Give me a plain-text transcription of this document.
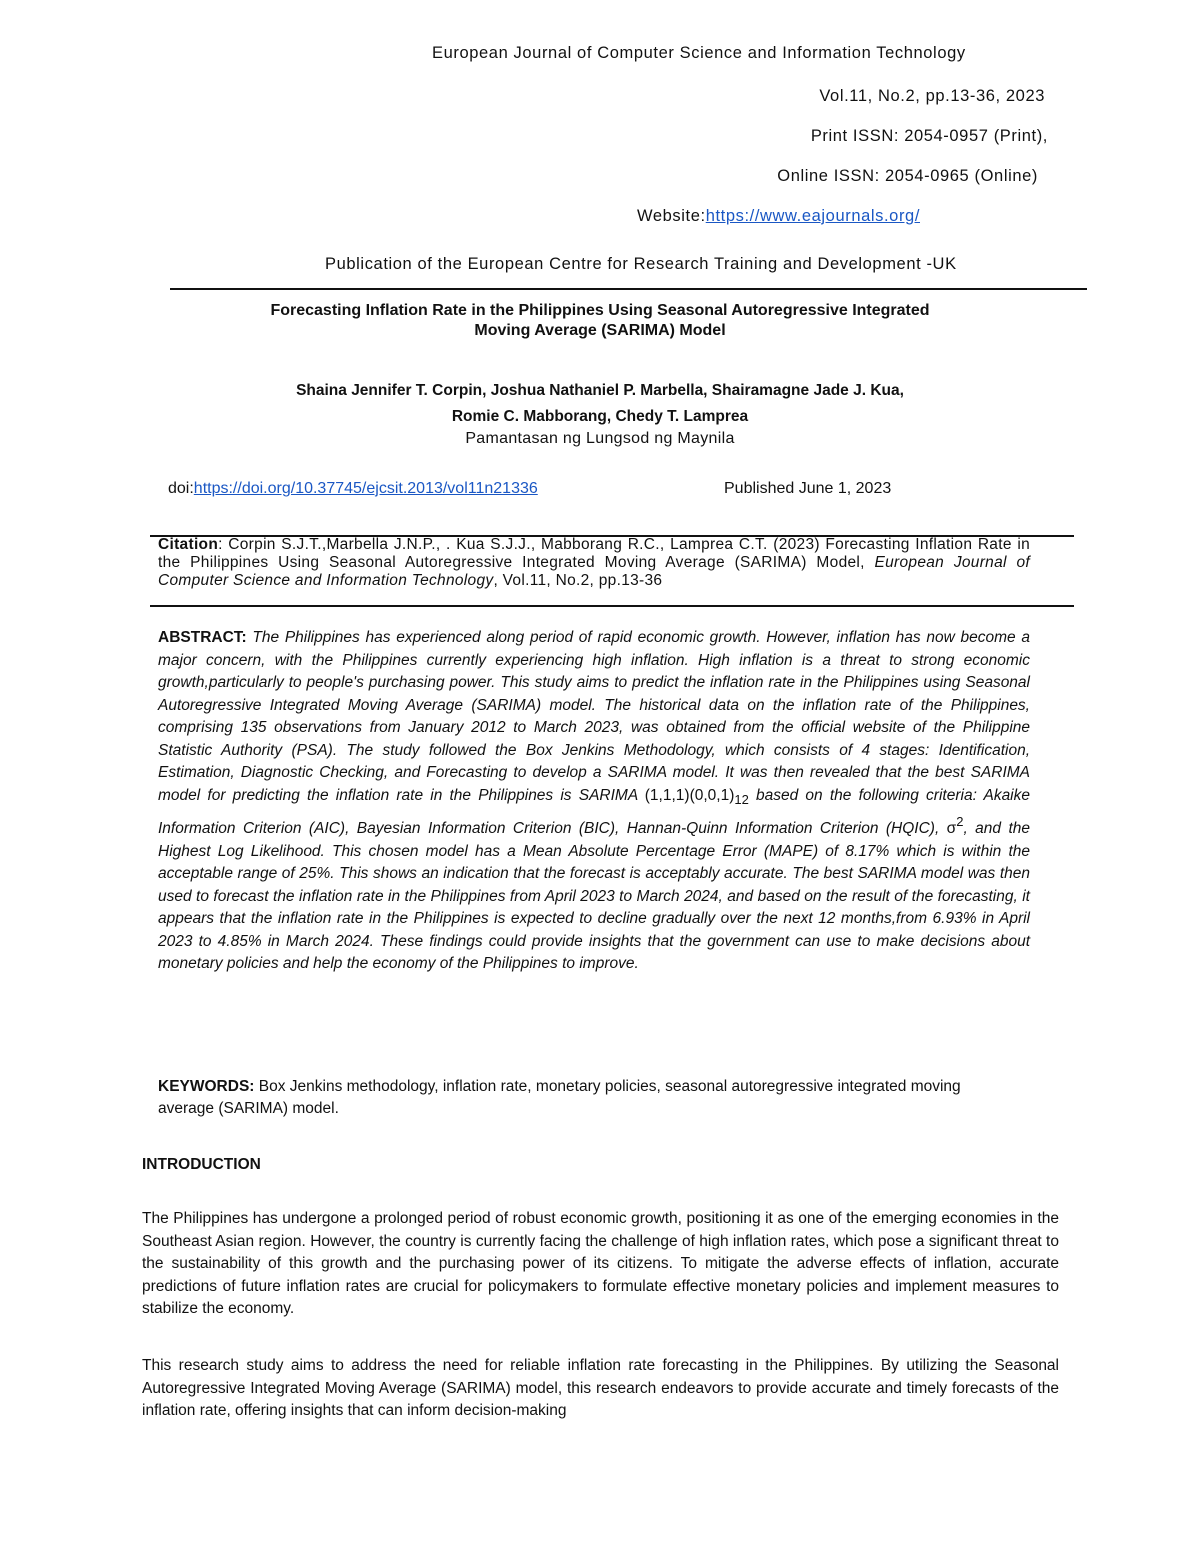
European Journal of Computer Science and Information Technology
Vol.11, No.2, pp.13-36, 2023
Print ISSN: 2054-0957 (Print),
Online ISSN: 2054-0965 (Online)
Website:https://www.eajournals.org/
Publication of the European Centre for Research Training and Development -UK
Forecasting Inflation Rate in the Philippines Using Seasonal Autoregressive Integrated
Moving Average (SARIMA) Model
Shaina Jennifer T. Corpin, Joshua Nathaniel P. Marbella, Shairamagne Jade J. Kua,
Romie C. Mabborang, Chedy T. Lamprea
Pamantasan ng Lungsod ng Maynila
doi:https://doi.org/10.37745/ejcsit.2013/vol11n21336	Published June 1, 2023
Citation: Corpin S.J.T.,Marbella J.N.P., . Kua S.J.J., Mabborang R.C., Lamprea C.T. (2023) Forecasting Inflation Rate in the Philippines Using Seasonal Autoregressive Integrated Moving Average (SARIMA) Model, European Journal of Computer Science and Information Technology, Vol.11, No.2, pp.13-36
ABSTRACT: The Philippines has experienced along period of rapid economic growth. However, inflation has now become a major concern, with the Philippines currently experiencing high inflation. High inflation is a threat to strong economic growth,particularly to people's purchasing power. This study aims to predict the inflation rate in the Philippines using Seasonal Autoregressive Integrated Moving Average (SARIMA) model. The historical data on the inflation rate of the Philippines, comprising 135 observations from January 2012 to March 2023, was obtained from the official website of the Philippine Statistic Authority (PSA). The study followed the Box Jenkins Methodology, which consists of 4 stages: Identification, Estimation, Diagnostic Checking, and Forecasting to develop a SARIMA model. It was then revealed that the best SARIMA model for predicting the inflation rate in the Philippines is SARIMA $(1,1,1)(0,0,1)_{12}$ based on the following criteria: Akaike Information Criterion (AIC), Bayesian Information Criterion (BIC), Hannan-Quinn Information Criterion (HQIC), $\sigma^2$, and the Highest Log Likelihood. This chosen model has a Mean Absolute Percentage Error (MAPE) of 8.17% which is within the acceptable range of 25%. This shows an indication that the forecast is acceptably accurate. The best SARIMA model was then used to forecast the inflation rate in the Philippines from April 2023 to March 2024, and based on the result of the forecasting, it appears that the inflation rate in the Philippines is expected to decline gradually over the next 12 months,from 6.93% in April 2023 to 4.85% in March 2024. These findings could provide insights that the government can use to make decisions about monetary policies and help the economy of the Philippines to improve.
KEYWORDS: Box Jenkins methodology, inflation rate, monetary policies, seasonal autoregressive integrated moving average (SARIMA) model.
INTRODUCTION
The Philippines has undergone a prolonged period of robust economic growth, positioning it as one of the emerging economies in the Southeast Asian region. However, the country is currently facing the challenge of high inflation rates, which pose a significant threat to the sustainability of this growth and the purchasing power of its citizens. To mitigate the adverse effects of inflation, accurate predictions of future inflation rates are crucial for policymakers to formulate effective monetary policies and implement measures to stabilize the economy.
This research study aims to address the need for reliable inflation rate forecasting in the Philippines. By utilizing the Seasonal Autoregressive Integrated Moving Average (SARIMA) model, this research endeavors to provide accurate and timely forecasts of the inflation rate, offering insights that can inform decision-making
